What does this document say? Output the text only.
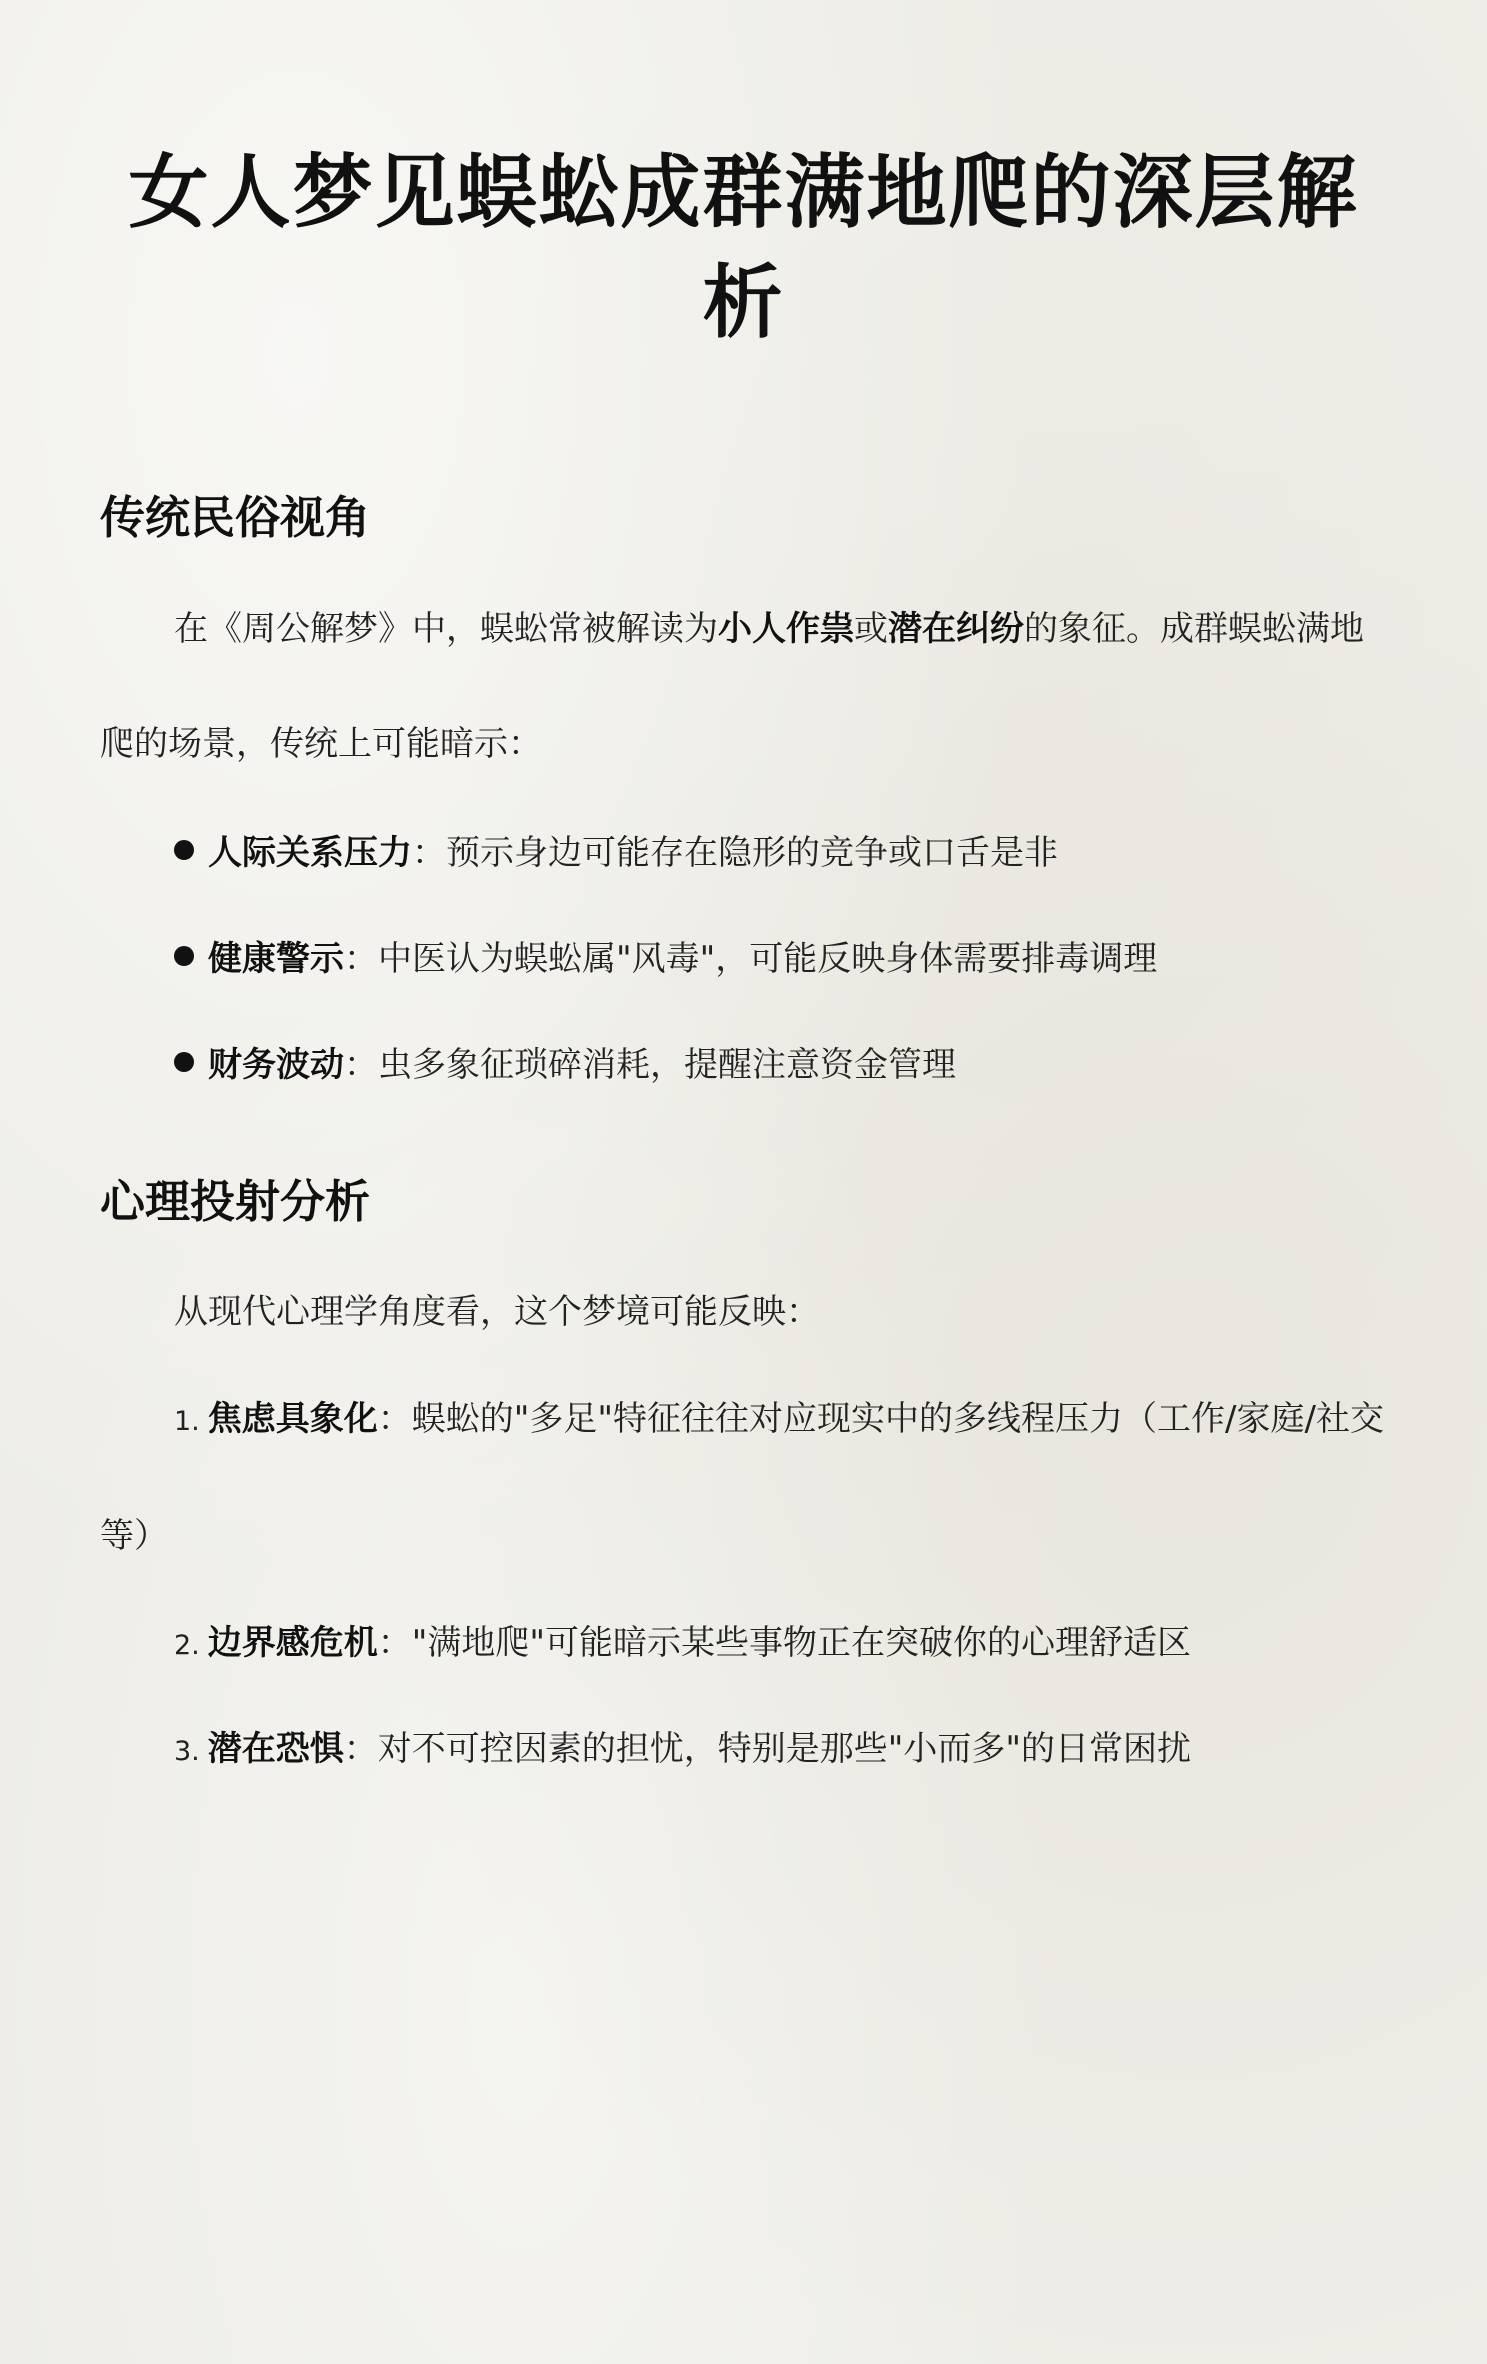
女人梦见蜈蚣成群满地爬的深层解析
传统民俗视角

在《周公解梦》中，蜈蚣常被解读为小人作祟或潜在纠纷的象征。成群蜈蚣满地爬的场景，传统上可能暗示：

人际关系压力：预示身边可能存在隐形的竞争或口舌是非

健康警示：中医认为蜈蚣属"风毒"，可能反映身体需要排毒调理

财务波动：虫多象征琐碎消耗，提醒注意资金管理

心理投射分析

从现代心理学角度看，这个梦境可能反映：

1. 焦虑具象化：蜈蚣的"多足"特征往往对应现实中的多线程压力（工作/家庭/社交等）

2. 边界感危机："满地爬"可能暗示某些事物正在突破你的心理舒适区

3. 潜在恐惧：对不可控因素的担忧，特别是那些"小而多"的日常困扰
